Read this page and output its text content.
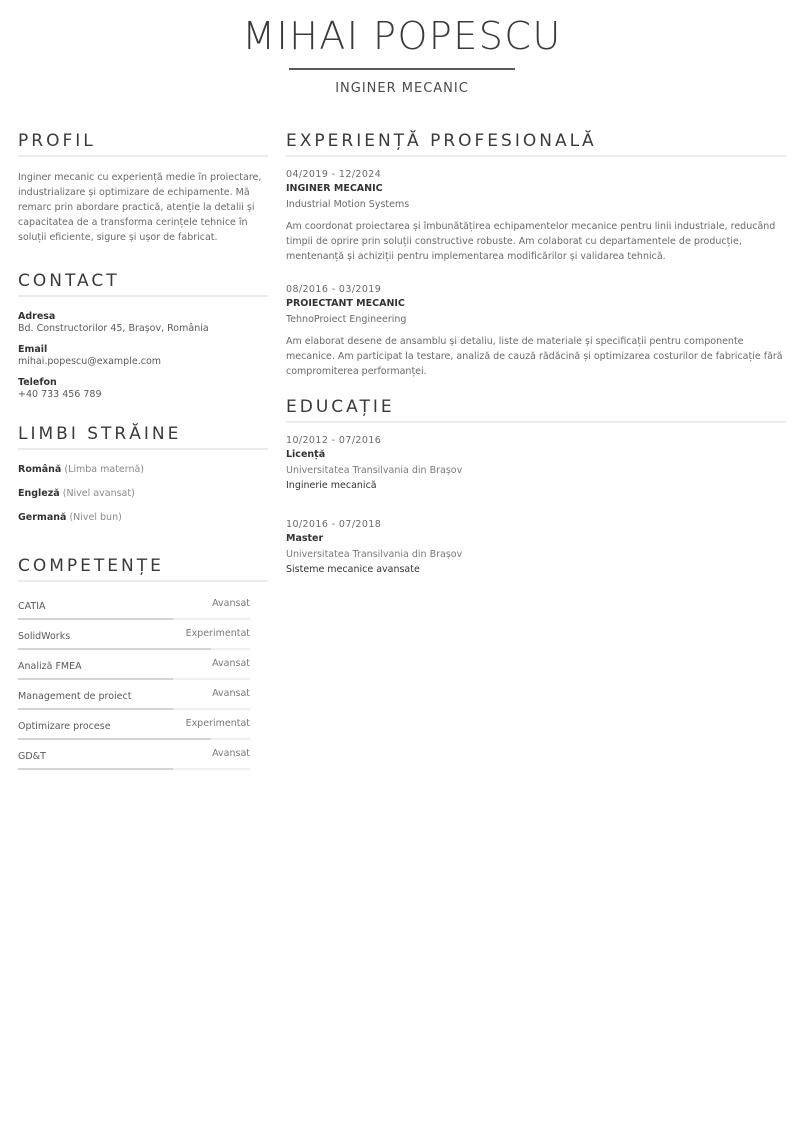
MIHAI POPESCU
INGINER MECANIC
PROFIL
Inginer mecanic cu experiență medie în proiectare, industrializare și optimizare de echipamente. Mă remarc prin abordare practică, atenție la detalii și capacitatea de a transforma cerințele tehnice în soluții eficiente, sigure și ușor de fabricat.
CONTACT
Adresa
Bd. Constructorilor 45, Brașov, România
Email
mihai.popescu@example.com
Telefon
+40 733 456 789
LIMBI STRĂINE
Română (Limba maternă)
Engleză (Nivel avansat)
Germană (Nivel bun)
COMPETENȚE
CATIA	Avansat
SolidWorks	Experimentat
Analiză FMEA	Avansat
Management de proiect	Avansat
Optimizare procese	Experimentat
GD&T	Avansat
EXPERIENȚĂ PROFESIONALĂ
04/2019 - 12/2024
INGINER MECANIC
Industrial Motion Systems
Am coordonat proiectarea și îmbunătățirea echipamentelor mecanice pentru linii industriale, reducând timpii de oprire prin soluții constructive robuste. Am colaborat cu departamentele de producție, mentenanță și achiziții pentru implementarea modificărilor și validarea tehnică.
08/2016 - 03/2019
PROIECTANT MECANIC
TehnoProiect Engineering
Am elaborat desene de ansamblu și detaliu, liste de materiale și specificații pentru componente mecanice. Am participat la testare, analiză de cauză rădăcină și optimizarea costurilor de fabricație fără compromiterea performanței.
EDUCAȚIE
10/2012 - 07/2016
Licență
Universitatea Transilvania din Brașov
Inginerie mecanică
10/2016 - 07/2018
Master
Universitatea Transilvania din Brașov
Sisteme mecanice avansate
